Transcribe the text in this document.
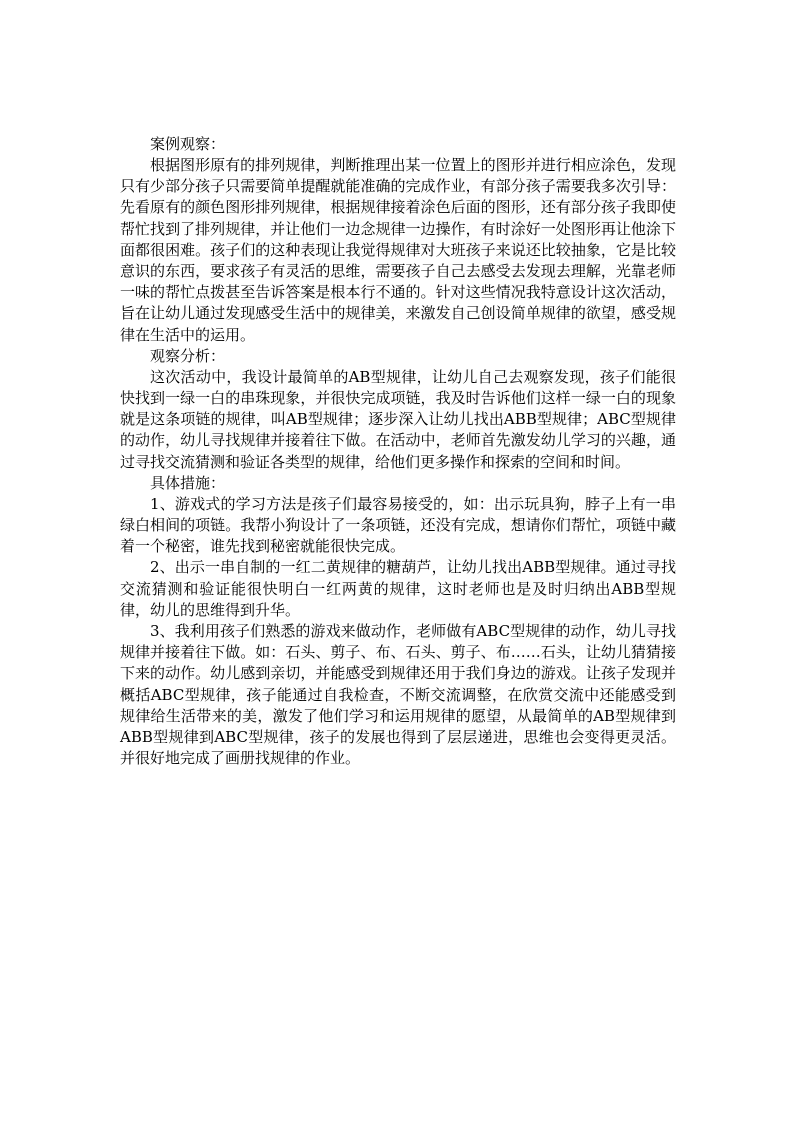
案例观察：

根据图形原有的排列规律，判断推理出某一位置上的图形并进行相应涂色，发现只有少部分孩子只需要简单提醒就能准确的完成作业，有部分孩子需要我多次引导：先看原有的颜色图形排列规律，根据规律接着涂色后面的图形，还有部分孩子我即使帮忙找到了排列规律，并让他们一边念规律一边操作，有时涂好一处图形再让他涂下面都很困难。孩子们的这种表现让我觉得规律对大班孩子来说还比较抽象，它是比较意识的东西，要求孩子有灵活的思维，需要孩子自己去感受去发现去理解，光靠老师一味的帮忙点拨甚至告诉答案是根本行不通的。针对这些情况我特意设计这次活动，旨在让幼儿通过发现感受生活中的规律美，来激发自己创设简单规律的欲望，感受规律在生活中的运用。

观察分析：

这次活动中，我设计最简单的AB型规律，让幼儿自己去观察发现，孩子们能很快找到一绿一白的串珠现象，并很快完成项链，我及时告诉他们这样一绿一白的现象就是这条项链的规律，叫AB型规律；逐步深入让幼儿找出ABB型规律；ABC型规律的动作，幼儿寻找规律并接着往下做。在活动中，老师首先激发幼儿学习的兴趣，通过寻找交流猜测和验证各类型的规律，给他们更多操作和探索的空间和时间。

具体措施：

1、游戏式的学习方法是孩子们最容易接受的，如：出示玩具狗，脖子上有一串绿白相间的项链。我帮小狗设计了一条项链，还没有完成，想请你们帮忙，项链中藏着一个秘密，谁先找到秘密就能很快完成。

2、出示一串自制的一红二黄规律的糖葫芦，让幼儿找出ABB型规律。通过寻找交流猜测和验证能很快明白一红两黄的规律，这时老师也是及时归纳出ABB型规律，幼儿的思维得到升华。

3、我利用孩子们熟悉的游戏来做动作，老师做有ABC型规律的动作，幼儿寻找规律并接着往下做。如：石头、剪子、布、石头、剪子、布……石头，让幼儿猜猜接下来的动作。幼儿感到亲切，并能感受到规律还用于我们身边的游戏。让孩子发现并概括ABC型规律，孩子能通过自我检查，不断交流调整，在欣赏交流中还能感受到规律给生活带来的美，激发了他们学习和运用规律的愿望，从最简单的AB型规律到ABB型规律到ABC型规律，孩子的发展也得到了层层递进，思维也会变得更灵活。并很好地完成了画册找规律的作业。
